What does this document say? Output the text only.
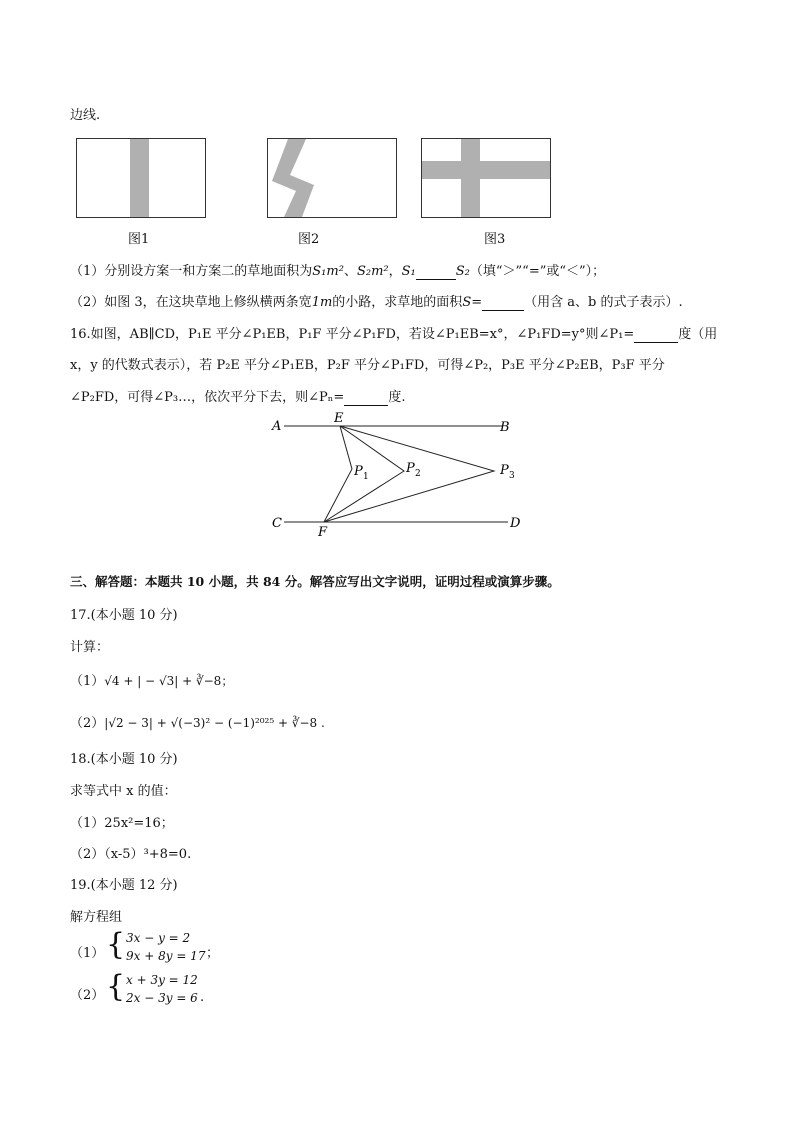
边线.
图1	图2	图3
（1）分别设方案一和方案二的草地面积为S₁m²、S₂m²，S₁	S₂（填“＞”“=”或“＜”）；
（2）如图 3，在这块草地上修纵横两条宽1m的小路，求草地的面积S=	（用含 a、b 的式子表示）.
16.如图，AB∥CD，P₁E 平分∠P₁EB，P₁F 平分∠P₁FD，若设∠P₁EB=x°，∠P₁FD=y°则∠P₁=	度（用
x，y 的代数式表示），若 P₂E 平分∠P₁EB，P₂F 平分∠P₁FD，可得∠P₂，P₃E 平分∠P₂EB，P₃F 平分
∠P₂FD，可得∠P₃…，依次平分下去，则∠Pₙ=	度.
A	B
E
C	D
F
P 1
P 2	P 3
三、解答题：本题共 10 小题，共 84 分。解答应写出文字说明，证明过程或演算步骤。
17.(本小题 10 分)
计算：
（1）√4 + | − √3| + ∛−8；
（2）|√2 − 3| + √(−3)² − (−1)²⁰²⁵ + ∛−8 .
18.(本小题 10 分)
求等式中 x 的值：
（1）25x²=16；
（2）（x-5）³+8=0.
19.(本小题 12 分)
解方程组
（1） { 3x − y = 2
9x + 8y = 17 ；
（2） { x + 3y = 12
2x − 3y = 6 .
